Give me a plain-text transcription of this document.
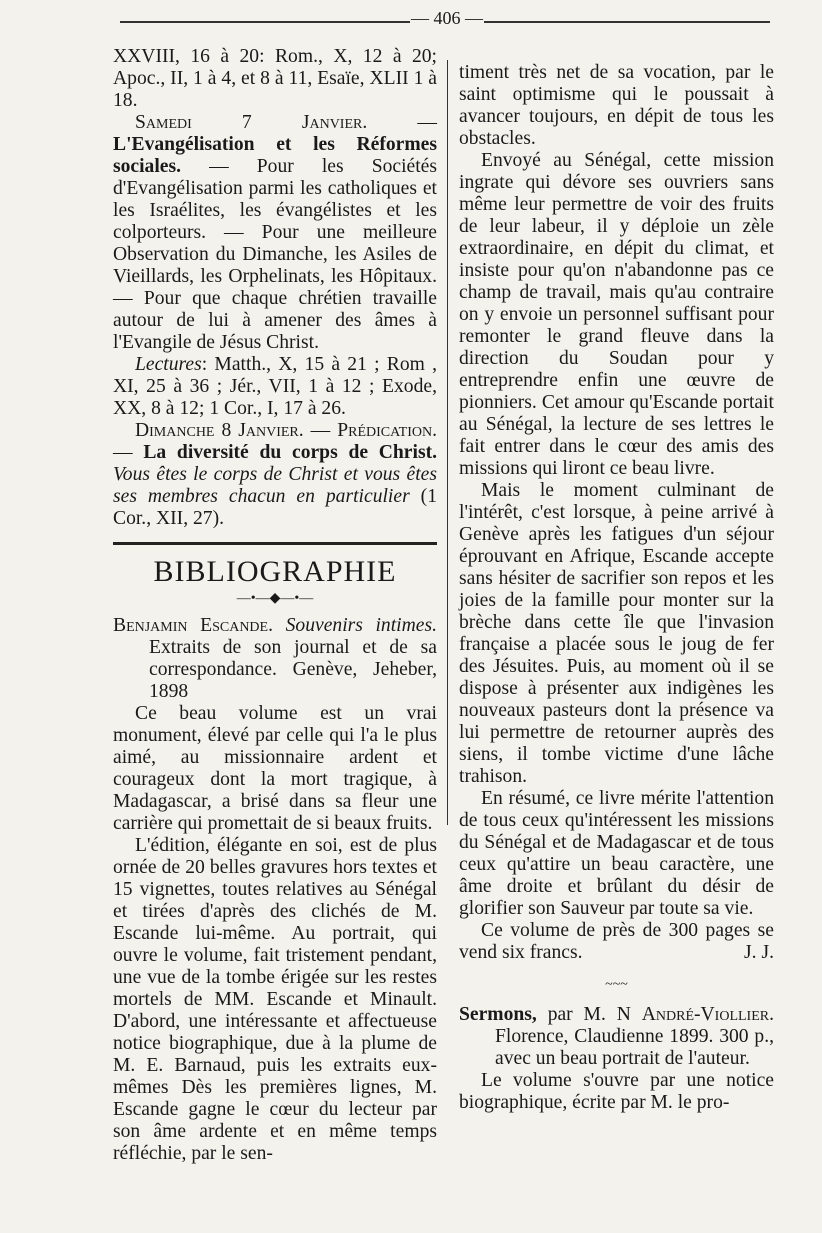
— 406 —

XXVIII, 16 à 20: Rom., X, 12 à 20; Apoc., II, 1 à 4, et 8 à 11, Esaïe, XLII 1 à 18.

Samedi 7 Janvier. — L'Evangélisation et les Réformes sociales. — Pour les Sociétés d'Evangélisation parmi les catholiques et les Israélites, les évangélistes et les colporteurs. — Pour une meilleure Observation du Dimanche, les Asiles de Vieillards, les Orphelinats, les Hôpitaux. — Pour que chaque chrétien travaille autour de lui à amener des âmes à l'Evangile de Jésus Christ.

Lectures: Matth., X, 15 à 21 ; Rom , XI, 25 à 36 ; Jér., VII, 1 à 12 ; Exode, XX, 8 à 12; 1 Cor., I, 17 à 26.

Dimanche 8 Janvier. — Prédication. — La diversité du corps de Christ. Vous êtes le corps de Christ et vous êtes ses membres chacun en particulier (1 Cor., XII, 27).

BIBLIOGRAPHIE
—•—◆—•—

Benjamin Escande. Souvenirs intimes. Extraits de son journal et de sa correspondance. Genève, Jeheber, 1898

Ce beau volume est un vrai monument, élevé par celle qui l'a le plus aimé, au missionnaire ardent et courageux dont la mort tragique, à Madagascar, a brisé dans sa fleur une carrière qui promettait de si beaux fruits.

L'édition, élégante en soi, est de plus ornée de 20 belles gravures hors textes et 15 vignettes, toutes relatives au Sénégal et tirées d'après des clichés de M. Escande lui-même. Au portrait, qui ouvre le volume, fait tristement pendant, une vue de la tombe érigée sur les restes mortels de MM. Escande et Minault. D'abord, une intéressante et affectueuse notice biographique, due à la plume de M. E. Barnaud, puis les extraits eux-mêmes Dès les premières lignes, M. Escande gagne le cœur du lecteur par son âme ardente et en même temps réfléchie, par le sen-

timent très net de sa vocation, par le saint optimisme qui le poussait à avancer toujours, en dépit de tous les obstacles.

Envoyé au Sénégal, cette mission ingrate qui dévore ses ouvriers sans même leur permettre de voir des fruits de leur labeur, il y déploie un zèle extraordinaire, en dépit du climat, et insiste pour qu'on n'abandonne pas ce champ de travail, mais qu'au contraire on y envoie un personnel suffisant pour remonter le grand fleuve dans la direction du Soudan pour y entreprendre enfin une œuvre de pionniers. Cet amour qu'Escande portait au Sénégal, la lecture de ses lettres le fait entrer dans le cœur des amis des missions qui liront ce beau livre.

Mais le moment culminant de l'intérêt, c'est lorsque, à peine arrivé à Genève après les fatigues d'un séjour éprouvant en Afrique, Escande accepte sans hésiter de sacrifier son repos et les joies de la famille pour monter sur la brèche dans cette île que l'invasion française a placée sous le joug de fer des Jésuites. Puis, au moment où il se dispose à présenter aux indigènes les nouveaux pasteurs dont la présence va lui permettre de retourner auprès des siens, il tombe victime d'une lâche trahison.

En résumé, ce livre mérite l'attention de tous ceux qu'intéressent les missions du Sénégal et de Madagascar et de tous ceux qu'attire un beau caractère, une âme droite et brûlant du désir de glorifier son Sauveur par toute sa vie.

Ce volume de près de 300 pages se vend six francs.	J. J.

~~~

Sermons, par M. N André-Viollier. Florence, Claudienne 1899. 300 p., avec un beau portrait de l'auteur.

Le volume s'ouvre par une notice biographique, écrite par M. le pro-
